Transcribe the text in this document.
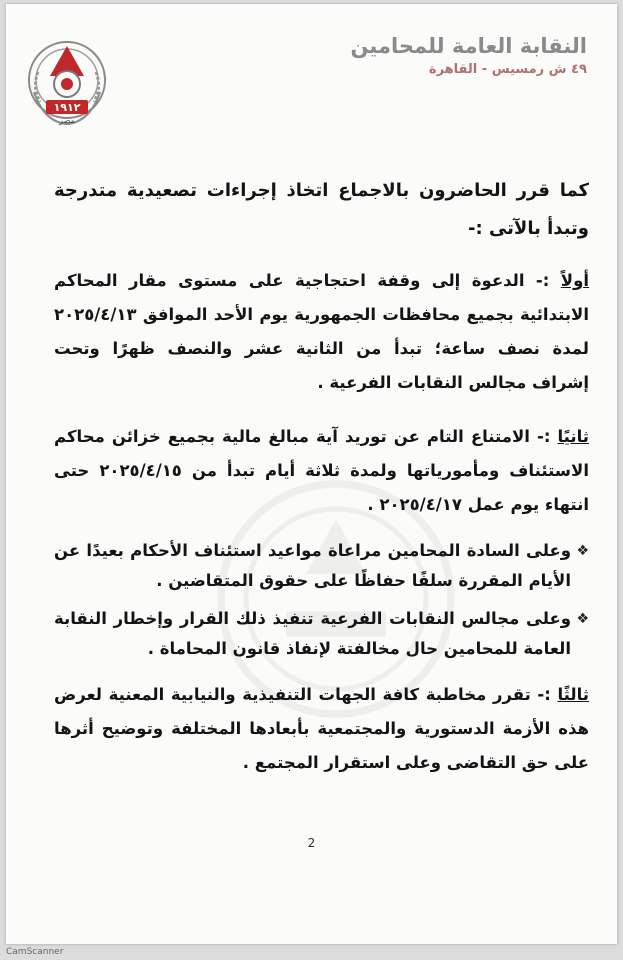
١٩١٢
مصر
النقابة العامة للمحامين
٤٩ ش رمسيس - القاهرة
كما قرر الحاضرون بالاجماع اتخاذ إجراءات تصعيدية متدرجة وتبدأ بالآتى :-
أولاً :- الدعوة إلى وقفة احتجاجية على مستوى مقار المحاكم الابتدائية بجميع محافظات الجمهورية يوم الأحد الموافق ٢٠٢٥/٤/١٣ لمدة نصف ساعة؛ تبدأ من الثانية عشر والنصف ظهرًا وتحت إشراف مجالس النقابات الفرعية .
ثانيًا :- الامتناع التام عن توريد آية مبالغ مالية بجميع خزائن محاكم الاستئناف ومأمورياتها ولمدة ثلاثة أيام تبدأ من ٢٠٢٥/٤/١٥ حتى انتهاء يوم عمل ٢٠٢٥/٤/١٧ .
❖
وعلى السادة المحامين مراعاة مواعيد استئناف الأحكام بعيدًا عن الأيام المقررة سلفًا حفاظًا على حقوق المتقاضين .
❖
وعلى مجالس النقابات الفرعية تنفيذ ذلك القرار وإخطار النقابة العامة للمحامين حال مخالفتة لإنفاذ قانون المحاماة .
ثالثًا :- تقرر مخاطبة كافة الجهات التنفيذية والنيابية المعنية لعرض هذه الأزمة الدستورية والمجتمعية بأبعادها المختلفة وتوضيح أثرها على حق التقاضى وعلى استقرار المجتمع .
2
CamScanner
